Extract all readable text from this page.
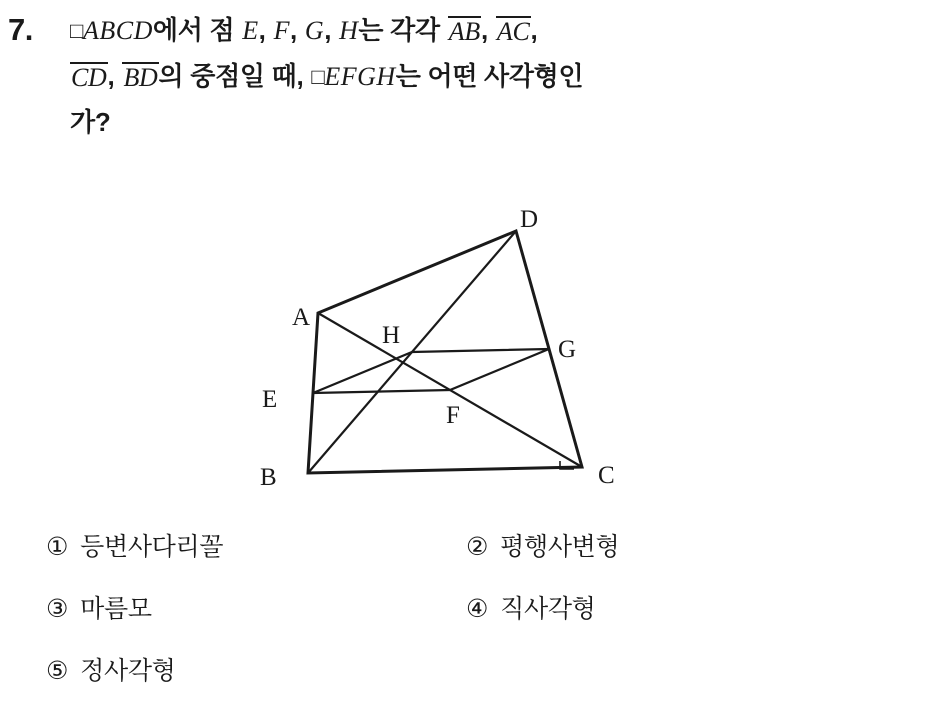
7. □ABCD에서 점 E, F, G, H는 각각 AB, AC,
CD, BD의 중점일 때, □EFGH는 어떤 사각형인
가?
A
B	C
D
E
F
G
H
① 등변사다리꼴	② 평행사변형
③ 마름모	④ 직사각형
⑤ 정사각형
